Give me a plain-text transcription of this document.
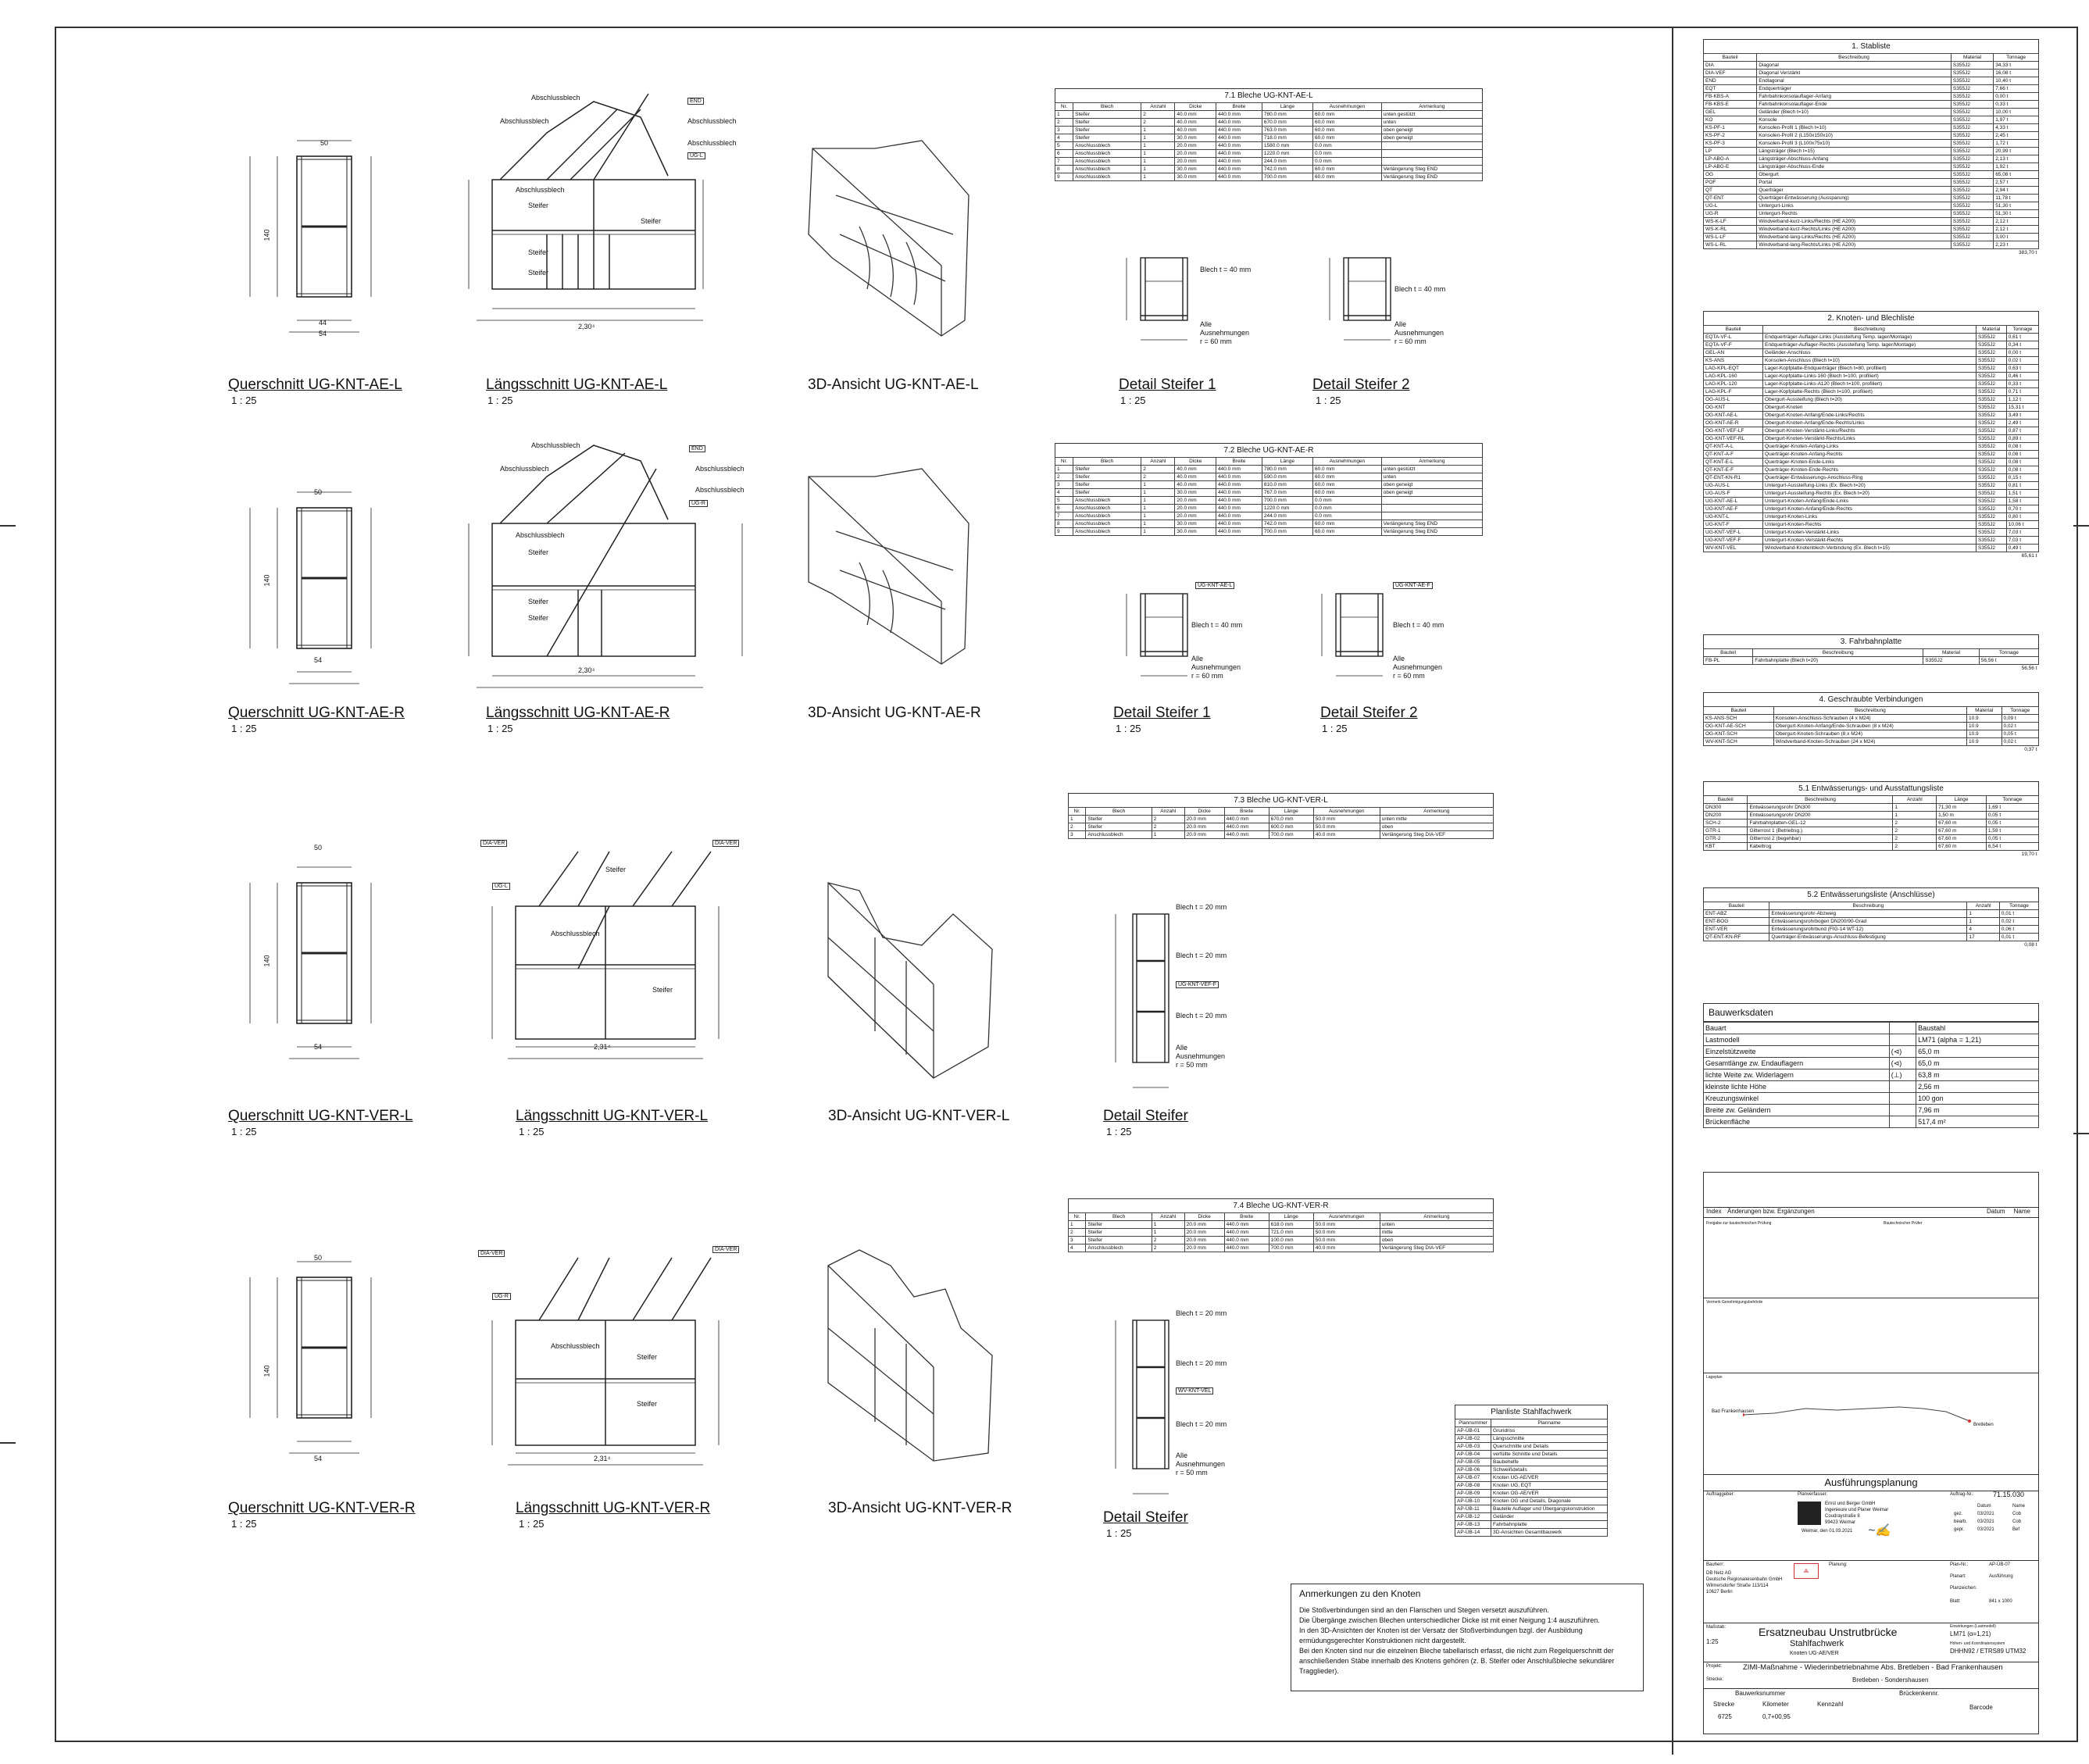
50
44
54
140
Abschlussblech
Abschlussblech	Abschlussblech
Abschlussblech
Abschlussblech
Steifer
Steifer
Steifer
Steifer
END
UG-L
2,30⁴
Blech t = 40 mm
Alle
Ausnehmungen
r = 60 mm
Blech t = 40 mm
Alle
Ausnehmungen
r = 60 mm
Querschnitt UG-KNT-AE-L
1 : 25
Längsschnitt UG-KNT-AE-L
1 : 25
3D-Ansicht UG-KNT-AE-L	Detail Steifer 1
1 : 25
Detail Steifer 2
1 : 25
50
54
140
Abschlussblech
Abschlussblech	Abschlussblech
Abschlussblech
Abschlussblech
Steifer
Steifer
Steifer
END
UG-R
2,30⁴
UG-KNT-AE-L
Blech t = 40 mm
Alle
Ausnehmungen
r = 60 mm
UG-KNT-AE-F
Blech t = 40 mm
Alle
Ausnehmungen
r = 60 mm
Querschnitt UG-KNT-AE-R
1 : 25
Längsschnitt UG-KNT-AE-R
1 : 25
3D-Ansicht UG-KNT-AE-R	Detail Steifer 1
1 : 25
Detail Steifer 2
1 : 25
50
54
140
DIA-VER	DIA-VER
UG-L
Steifer
Abschlussblech
Steifer
2,31⁴
Blech t = 20 mm
Blech t = 20 mm
UG-KNT-VEF-F
Blech t = 20 mm
Alle
Ausnehmungen
r = 50 mm
Querschnitt UG-KNT-VER-L
1 : 25
Längsschnitt UG-KNT-VER-L
1 : 25
3D-Ansicht UG-KNT-VER-L	Detail Steifer
1 : 25
50
54
140
DIA-VER
DIA-VER
UG-R
Abschlussblech
Steifer
Steifer
2,31⁴
Blech t = 20 mm
Blech t = 20 mm
WV-KNT-VEL
Blech t = 20 mm
Alle
Ausnehmungen
r = 50 mm
Querschnitt UG-KNT-VER-R
1 : 25
Längsschnitt UG-KNT-VER-R
1 : 25
3D-Ansicht UG-KNT-VER-R
Detail Steifer
1 : 25
7.1 Bleche UG-KNT-AE-L
Nr.	Blech	Anzahl	Dicke	Breite	Länge	Ausnehmungen	Anmerkung
1	Steifer	2	40.0 mm	440.0 mm	780.0 mm	60.0 mm	unten gestützt
2	Steifer	2	40.0 mm	440.0 mm	670.0 mm	60.0 mm	unten
3	Steifer	1	40.0 mm	440.0 mm	763.0 mm	60.0 mm	oben geneigt
4	Steifer	1	30.0 mm	440.0 mm	718.0 mm	60.0 mm	oben geneigt
5	Anschlussblech	1	20.0 mm	440.0 mm	1580.0 mm	0.0 mm	
6	Anschlussblech	1	20.0 mm	440.0 mm	1220.0 mm	0.0 mm	
7	Anschlussblech	1	20.0 mm	440.0 mm	244.0 mm	0.0 mm	
8	Anschlussblech	1	30.0 mm	440.0 mm	742.0 mm	60.0 mm	Verlängerung Steg END
9	Anschlussblech	1	30.0 mm	440.0 mm	700.0 mm	60.0 mm	Verlängerung Steg END
7.2 Bleche UG-KNT-AE-R
Nr.	Blech	Anzahl	Dicke	Breite	Länge	Ausnehmungen	Anmerkung
1	Steifer	2	40.0 mm	440.0 mm	780.0 mm	60.0 mm	unten gestützt
2	Steifer	2	40.0 mm	440.0 mm	590.0 mm	60.0 mm	unten
3	Steifer	1	40.0 mm	440.0 mm	810.0 mm	60.0 mm	oben geneigt
4	Steifer	1	30.0 mm	440.0 mm	767.0 mm	60.0 mm	oben geneigt
5	Anschlussblech	1	20.0 mm	440.0 mm	700.0 mm	0.0 mm	
6	Anschlussblech	1	20.0 mm	440.0 mm	1220.0 mm	0.0 mm	
7	Anschlussblech	1	20.0 mm	440.0 mm	244.0 mm	0.0 mm	
8	Anschlussblech	1	30.0 mm	440.0 mm	742.0 mm	60.0 mm	Verlängerung Steg END
9	Anschlussblech	1	30.0 mm	440.0 mm	700.0 mm	60.0 mm	Verlängerung Steg END
7.3 Bleche UG-KNT-VER-L
Nr.	Blech	Anzahl	Dicke	Breite	Länge	Ausnehmungen	Anmerkung
1	Steifer	2	20.0 mm	440.0 mm	670.0 mm	50.0 mm	unten mitte
2	Steifer	2	20.0 mm	440.0 mm	600.0 mm	50.0 mm	oben
3	Anschlussblech	1	20.0 mm	440.0 mm	700.0 mm	40.0 mm	Verlängerung Steg DIA-VEF
7.4 Bleche UG-KNT-VER-R
Nr.	Blech	Anzahl	Dicke	Breite	Länge	Ausnehmungen	Anmerkung
1	Steifer	1	20.0 mm	440.0 mm	618.0 mm	50.0 mm	unten
2	Steifer	1	20.0 mm	440.0 mm	721.0 mm	50.0 mm	mitte
3	Steifer	2	20.0 mm	440.0 mm	100.0 mm	50.0 mm	oben
4	Anschlussblech	2	20.0 mm	440.0 mm	700.0 mm	40.0 mm	Verlängerung Steg DIA-VEF
Planliste Stahlfachwerk
Plannummer	Planname
AP-ÜB-01	Grundriss
AP-ÜB-02	Längsschnitte
AP-ÜB-03	Querschnitte und Details
AP-ÜB-04	verfüllte Schnitte und Details
AP-ÜB-05	Baubehelfe
AP-ÜB-06	Schweißdetails
AP-ÜB-07	Knoten UG-AE/VER
AP-ÜB-08	Knoten UG, EQT
AP-ÜB-09	Knoten OG-AE/VER
AP-ÜB-10	Knoten OG und Details, Diagonale
AP-ÜB-11	Bauteile Auflager und Übergangskonstruktion
AP-ÜB-12	Geländer
AP-ÜB-13	Fahrbahnplatte
AP-ÜB-14	3D-Ansichten Gesamtbauwerk
Anmerkungen zu den Knoten
Die Stoßverbindungen sind an den Flanschen und Stegen versetzt auszuführen.
Die Übergänge zwischen Blechen unterschiedlicher Dicke ist mit einer Neigung 1:4 auszuführen.
In den 3D-Ansichten der Knoten ist der Versatz der Stoßverbindungen bzgl. der Ausbildung ermüdungsgerechter Konstruktionen nicht dargestellt.
Bei den Knoten sind nur die einzelnen Bleche tabellarisch erfasst, die nicht zum Regelquerschnitt der anschließenden Stäbe innerhalb des Knotens gehören (z. B. Steifer oder Anschlußbleche sekundärer Tragglieder).
1. Stabliste
Bauteil	Beschreibung	Material	Tonnage
DIA	Diagonal	S355J2	34,33 t
DIA-VEF	Diagonal Verstärkt	S355J2	16,08 t
END	Endlagonal	S355J2	10,40 t
EQT	Endquerträger	S355J2	7,66 t
FB-KBS-A	Fahrbahnkonsolauflager-Anfang	S355J2	0,00 t
FB-KBS-E	Fahrbahnkonsolauflager-Ende	S355J2	0,33 t
GEL	Geländer (Blech t=10)	S355J2	10,00 t
KO	Konsole	S355J2	1,97 t
KS-PF-1	Konsolen-Profil 1 (Blech t=10)	S355J2	4,33 t
KS-PF-2	Konsolen-Profil 2 (L150x150x10)	S355J2	2,45 t
KS-PF-3	Konsolen-Profil 3 (L100x75x10)	S355J2	1,72 t
LP	Längsträger (Blech t=15)	S355J2	20,99 t
LP-ABG-A	Längsträger-Abschluss-Anfang	S355J2	2,13 t
LP-ABG-E	Längsträger-Abschluss-Ende	S355J2	1,92 t
OG	Obergurt	S355J2	65,08 t
POF	Portal	S355J2	2,57 t
QT	Querträger	S355J2	2,94 t
QT-ENT	Querträger-Entwässerung (Aussparung)	S355J2	11,78 t
UG-L	Untergurt-Links	S355J2	51,30 t
UG-R	Untergurt-Rechts	S355J2	51,30 t
WS-K-LF	Windverband-kurz-Links/Rechts (HE A200)	S355J2	2,12 t
WS-K-RL	Windverband-kurz-Rechts/Links (HE A200)	S355J2	2,12 t
WS-L-LF	Windverband-lang-Links/Rechts (HE A200)	S355J2	3,00 t
WS-L-RL	Windverband-lang-Rechts/Links (HE A200)	S355J2	2,23 t
383,70 t			
2. Knoten- und Blechliste
Bauteil	Beschreibung	Material	Tonnage
EQTA-VF-L	Endquerträger-Auflager-Links (Aussteifung Temp. lager/Montage)	S355J2	0,61 t
EQTA-VF-F	Endquerträger-Auflager-Rechts (Aussteifung Temp. lager/Montage)	S355J2	0,34 t
GEL-AN	Geländer-Anschluss	S355J2	0,00 t
KS-ANS	Konsolen-Anschluss (Blech t=10)	S355J2	0,02 t
LAG-KPL-EQT	Lager-Kopfplatte-Endquerträger (Blech t=80, profiliert)	S355J2	0,63 t
LAG-KPL-160	Lager-Kopfplatte-Links-160 (Blech t=100, profiliert)	S355J2	0,46 t
LAG-KPL-120	Lager-Kopfplatte-Links-A120 (Blech t=100, profiliert)	S355J2	0,33 t
LAG-KPL-F	Lager-Kopfplatte-Rechts (Blech t=100, profiliert)	S355J2	0,71 t
OG-AUS-L	Obergurt-Aussteifung (Blech t=20)	S355J2	1,12 t
OG-KNT	Obergurt-Knoten	S355J2	15,31 t
OG-KNT-AE-L	Obergurt-Knoten-Anfang/Ende-Links/Rechts	S355J2	3,49 t
OG-KNT-AE-R	Obergurt-Knoten-Anfang/Ende-Rechts/Links	S355J2	2,49 t
OG-KNT-VEF-LF	Obergurt-Knoten-Verstärkt-Links/Rechts	S355J2	0,87 t
OG-KNT-VEF-RL	Obergurt-Knoten-Verstärkt-Rechts/Links	S355J2	0,89 t
QT-KNT-A-L	Querträger-Knoten-Anfang-Links	S355J2	0,08 t
QT-KNT-A-F	Querträger-Knoten-Anfang-Rechts	S355J2	0,08 t
QT-KNT-E-L	Querträger-Knoten-Ende-Links	S355J2	0,08 t
QT-KNT-E-F	Querträger-Knoten-Ende-Rechts	S355J2	0,08 t
QT-ENT-KN-R1	Querträger-Entwässerungs-Anschluss-Ring	S355J2	0,15 t
UG-AUS-L	Untergurt-Aussteifung-Links (Ex. Blech t=20)	S355J2	0,81 t
UG-AUS-F	Untergurt-Aussteifung-Rechts (Ex. Blech t=20)	S355J2	1,51 t
UG-KNT-AE-L	Untergurt-Knoten-Anfang/Ende-Links	S355J2	1,58 t
UG-KNT-AE-F	Untergurt-Knoten-Anfang/Ende-Rechts	S355J2	0,70 t
UG-KNT-L	Untergurt-Knoten-Links	S355J2	0,80 t
UG-KNT-F	Untergurt-Knoten-Rechts	S355J2	10,06 t
UG-KNT-VEF-L	Untergurt-Knoten-Verstärkt-Links	S355J2	7,03 t
UG-KNT-VEF-F	Untergurt-Knoten-Verstärkt-Rechts	S355J2	7,03 t
WV-KNT-VEL	Windverband-Knotenblech-Verbindung (Ex. Blech t=15)	S355J2	0,49 t
65,61 t			
3. Fahrbahnplatte
Bauteil	Beschreibung	Material	Tonnage
FB-PL	Fahrbahnplatte (Blech t=20)	S355J2	56,56 t
56,56 t			
4. Geschraubte Verbindungen
Bauteil	Beschreibung	Material	Tonnage
KS-ANS-SCH	Konsolen-Anschluss-Schrauben (4 x M24)	10.9	0,09 t
OG-KNT-AE-SCH	Obergurt-Knoten-Anfang/Ende-Schrauben (8 x M24)	10.9	0,02 t
OG-KNT-SCH	Obergurt-Knoten-Schrauben (8 x M24)	10.9	0,05 t
WV-KNT-SCH	Windverband-Knoten-Schrauben (24 x M24)	10.9	0,02 t
0,37 t			
5.1 Entwässerungs- und Ausstattungsliste
Bauteil	Beschreibung	Anzahl	Länge	Tonnage
DN300	Entwässerungsrohr DN300	1	71,30 m	1,69 t
DN200	Entwässerungsrohr DN200	1	1,50 m	0,05 t
SCH-2	Fahrbahnplatten-GEL-12	2	67,60 m	0,05 t
GTR-1	Gitterrost 1 (Betriebsg.)	2	67,60 m	1,59 t
GTR-2	Gitterrost 2 (begehbar)	2	67,60 m	0,05 t
KBT	Kabeltrog	2	67,60 m	6,54 t
19,70 t				
5.2 Entwässerungsliste (Anschlüsse)
Bauteil	Beschreibung	Anzahl	Tonnage
ENT-ABZ	Entwässerungsrohr-Abzweig	1	0,01 t
ENT-BOG	Entwässerungsrohrbogen DN200/90-Grad	1	0,02 t
ENT-VER	Entwässerungsrohrbund (FIG-14 WT-12)	4	0,06 t
QT-ENT-KN-RF	Querträger-Entwässerungs-Anschluss-Befestigung	17	0,01 t
0,08 t			
Bauwerksdaten
Bauart		Baustahl
Lastmodell		LM71 (alpha = 1,21)
Einzelstützweite	(⊲)	65,0 m
Gesamtlänge zw. Endauflagern	(⊲)	65,0 m
lichte Weite zw. Widerlagern	(⊥)	63,8 m
kleinste lichte Höhe		2,56 m
Kreuzungswinkel		100 gon
Breite zw. Geländern		7,96 m
Brückenfläche		517,4 m²
Index Änderungen bzw. Ergänzungen	Datum Name
Freigabe zur bautechnischen Prüfung	Bautechnischer Prüfer
Vermerk Genehmigungsbehörde
Lageplan
Bad Frankenhausen
Bretleben
Ausführungsplanung
Auftraggeber:	Planverfasser:
Ernst und Berger GmbH
Ingenieure und Planer Weimar
Coudraystraße 8
99423 Weimar
Weimar, den 01.03.2021 ~✍
Auftrag-Nr.:	71.15.030
Datum	Name
gez.	03/2021	Cob
bearb. 03/2021	Cob
gepr.	03/2021	Bef
Bauherr:
DB Netz AG
Deutsche Regionaleisenbahn GmbH
Wilmersdorfer Straße 113/114
10627 Berlin
⟁
Planung:	Plan-Nr.:	AP-ÜB-07
Planart:	Ausführung
Planzeichen:
Blatt:	841 x 1000
Maßstab:
1:25
Ersatzneubau Unstrutbrücke
Stahlfachwerk
Knoten UG-AE/VER
Einwirkungen (Lastmodell)
LM71 (α=1,21)
Höhen- und Koordinatensystem
DHHN92 / ETRS89 UTM32
Projekt:	ZIMI-Maßnahme - Wiederinbetriebnahme Abs. Bretleben - Bad Frankenhausen
Strecke:	Bretleben - Sondershausen
Bauwerksnummer	Brückenkennr.
Strecke	Kilometer	Kennzahl
6725	0,7+00,95
Barcode
